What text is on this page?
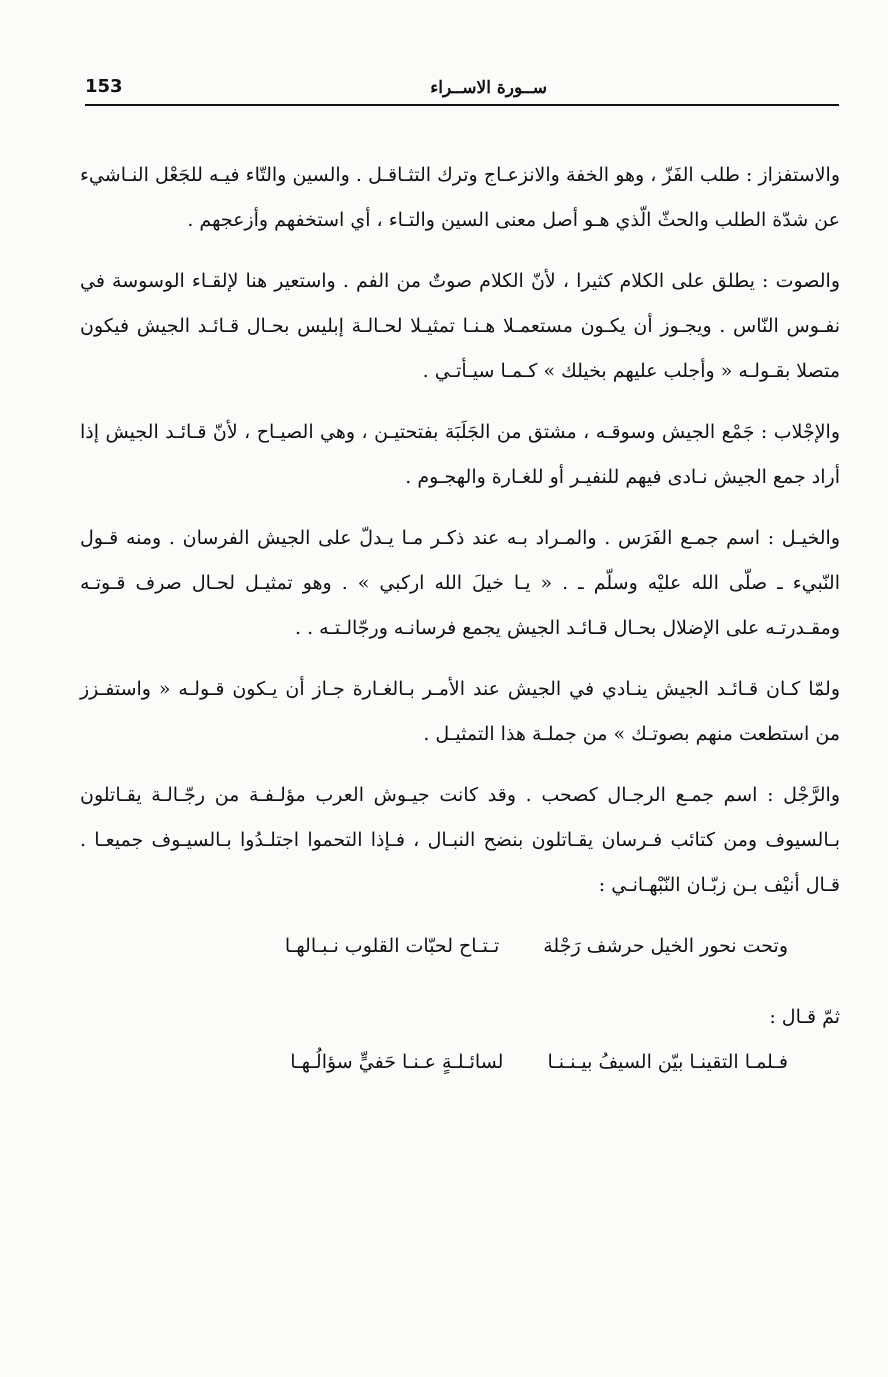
153	ســورة الاســراء

والاستفزاز : طلب الفَزّ ، وهو الخفة والانزعـاج وترك التثـاقـل . والسين والتّاء فيـه للجَعْل النـاشيء عن شدّة الطلب والحثّ الّذي هـو أصل معنى السين والتـاء ، أي استخفهم وأزعجهم .

والصوت : يطلق على الكلام كثيرا ، لأنّ الكلام صوتٌ من الفم . واستعير هنا لإلقـاء الوسوسة في نفـوس النّاس . ويجـوز أن يكـون مستعمـلا هـنـا تمثيـلا لحـالـة إبليس بحـال قـائـد الجيش فيكون متصلا بقـولـه « وأجلب عليهم بخيلك » كـمـا سيـأتـي .

والإجْلاب : جَمْع الجيش وسوقـه ، مشتق من الجَلَبَة بفتحتيـن ، وهي الصيـاح ، لأنّ قـائـد الجيش إذا أراد جمع الجيش نـادى فيهم للنفيـر أو للغـارة والهجـوم .

والخيـل : اسم جمـع الفَرَس . والمـراد بـه عند ذكـر مـا يـدلّ على الجيش الفرسان . ومنه قـول النّبيء ـ صلّى الله عليْه وسلّم ـ . « يـا خيلَ الله اركبي » . وهو تمثيـل لحـال صرف قـوتـه ومقـدرتـه على الإضلال بحـال قـائـد الجيش يجمع فرسانـه ورجّالـتـه . .

ولمّا كـان قـائـد الجيش ينـادي في الجيش عند الأمـر بـالغـارة جـاز أن يـكون قـولـه « واستفـزز من استطعت منهم بصوتـك » من جملـة هذا التمثيـل .

والرَّجْل : اسم جمـع الرجـال كصحب . وقد كانت جيـوش العرب مؤلـفـة من رجّـالـة يقـاتلون بـالسيوف ومن كتائب فـرسان يقـاتلون بنضح النبـال ، فـإذا التحموا اجتلـدُوا بـالسيـوف جميعـا . قـال أنيْف بـن زبّـان النّبْهـانـي :

وتحت نحور الخيل حرشف رَجْلة
تـتـاح لحبّات القلوب نـبـالهـا

ثمّ قـال :

فـلمـا التقينـا بيّن السيفُ بيـنـنـا
لسائـلـةٍ عـنـا حَفيٍّ سؤالُـهـا
